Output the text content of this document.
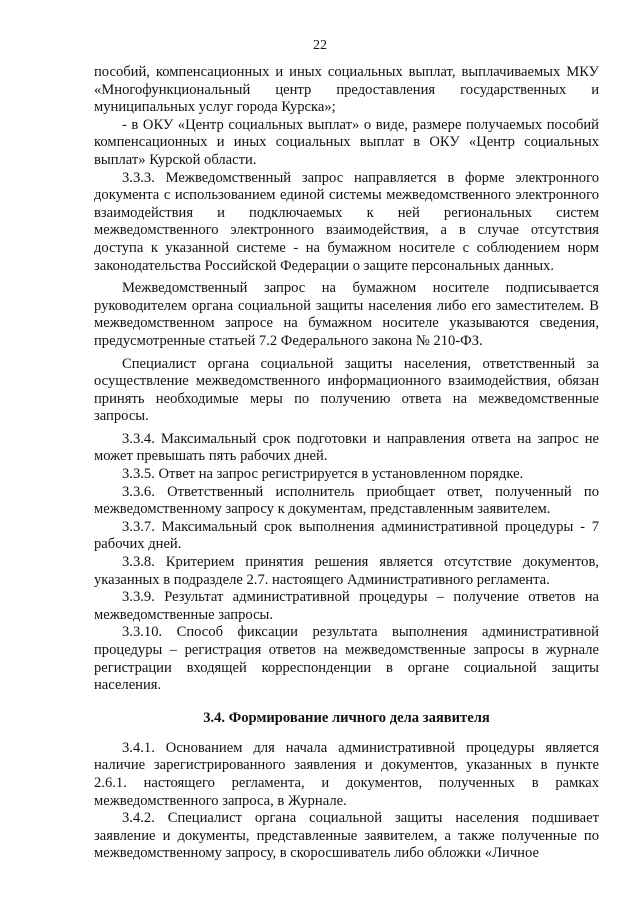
22

пособий, компенсационных и иных социальных выплат, выплачиваемых МКУ «Многофункциональный центр предоставления государственных и муниципальных услуг города Курска»;

- в ОКУ «Центр социальных выплат» о виде, размере получаемых пособий компенсационных и иных социальных выплат в ОКУ «Центр социальных выплат» Курской области.

3.3.3. Межведомственный запрос направляется в форме электронного документа с использованием единой системы межведомственного электронного взаимодействия и подключаемых к ней региональных систем межведомственного электронного взаимодействия, а в случае отсутствия доступа к указанной системе - на бумажном носителе с соблюдением норм законодательства Российской Федерации о защите персональных данных.

Межведомственный запрос на бумажном носителе подписывается руководителем органа социальной защиты населения либо его заместителем. В межведомственном запросе на бумажном носителе указываются сведения, предусмотренные статьей 7.2 Федерального закона № 210-ФЗ.

Специалист органа социальной защиты населения, ответственный за осуществление межведомственного информационного взаимодействия, обязан принять необходимые меры по получению ответа на межведомственные запросы.

3.3.4. Максимальный срок подготовки и направления ответа на запрос не может превышать пять рабочих дней.

3.3.5. Ответ на запрос регистрируется в установленном порядке.

3.3.6. Ответственный исполнитель приобщает ответ, полученный по межведомственному запросу к документам, представленным заявителем.

3.3.7. Максимальный срок выполнения административной процедуры - 7 рабочих дней.

3.3.8. Критерием принятия решения является отсутствие документов, указанных в подразделе 2.7. настоящего Административного регламента.

3.3.9. Результат административной процедуры – получение ответов на межведомственные запросы.

3.3.10. Способ фиксации результата выполнения административной процедуры – регистрация ответов на межведомственные запросы в журнале регистрации входящей корреспонденции в органе социальной защиты населения.

3.4. Формирование личного дела заявителя

3.4.1. Основанием для начала административной процедуры является наличие зарегистрированного заявления и документов, указанных в пункте 2.6.1. настоящего регламента, и документов, полученных в рамках межведомственного запроса, в Журнале.

3.4.2. Специалист органа социальной защиты населения подшивает заявление и документы, представленные заявителем, а также полученные по межведомственному запросу, в скоросшиватель либо обложки «Личное
